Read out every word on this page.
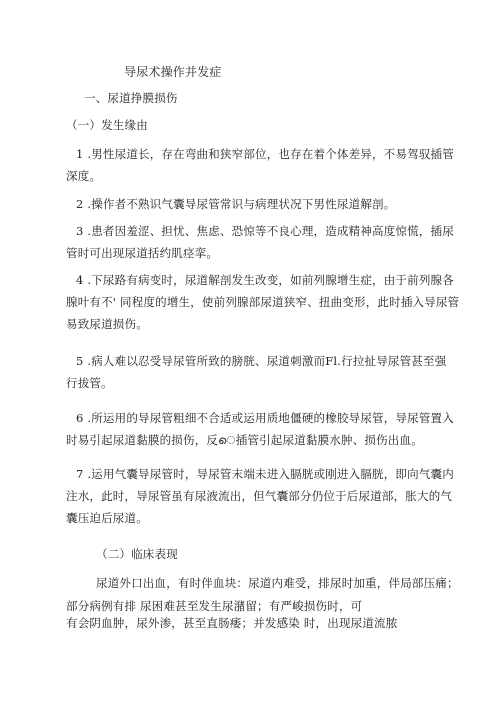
导尿术操作并发症
一、尿道挣膜损伤
（一）发生缘由
1 .男性尿道长，存在弯曲和狭窄部位，也存在着个体差异，不易驾驭插管
深度。
2 .操作者不熟识气囊导尿管常识与病理状况下男性尿道解剖。
3 .患者因羞涩、担忧、焦虑、恐惊等不良心理，造成精神高度惊慌，插尿
管时可出现尿道括约肌痉挛。
4 .下尿路有病变时，尿道解剖发生改变，如前列腺增生症，由于前列腺各
腺叶有不' 同程度的增生，使前列腺部尿道狭窄、扭曲变形，此时插入导尿管
易致尿道损伤。
5 .病人难以忍受导尿管所致的膀胱、尿道刺激而Fl.行拉扯导尿管甚至强
行拔管。
6 .所运用的导尿管粗细不合适或运用质地僵硬的橡胶导尿管，导尿管置入
时易引起尿道黏膜的损伤，反െ插管引起尿道黏膜水肿、损伤出血。
7 .运用气囊导尿管时，导尿管末端未进入膈胱或刚进入膈胱，即向气囊内
注水，此时，导尿管虽有尿液流出，但气囊部分仍位于后尿道部，胀大的气
囊压迫后尿道。
（二）临床表现
尿道外口出血，有时伴血块：尿道内难受，排尿时加重，伴局部压痛；
部分病例有排 尿困难甚至发生尿潴留；有严峻损伤时，可
有会阴血肿，尿外渗，甚至直肠痿；并发感染 时，出现尿道流脓
